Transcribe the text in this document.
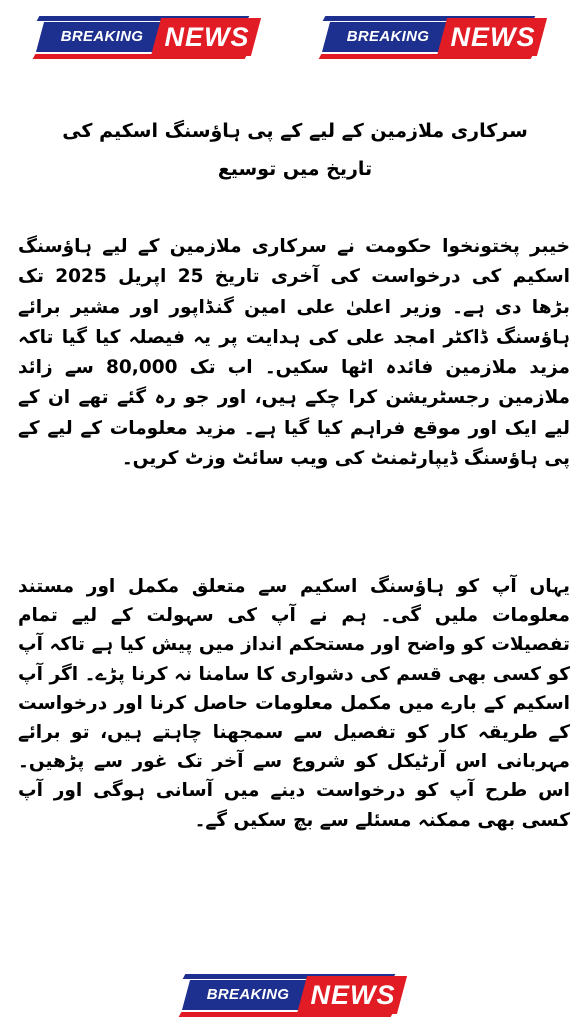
BREAKING NEWS	BREAKING NEWS

سرکاری ملازمین کے لیے کے پی ہاؤسنگ اسکیم کی تاریخ میں توسیع

خیبر پختونخوا حکومت نے سرکاری ملازمین کے لیے ہاؤسنگ اسکیم کی درخواست کی آخری تاریخ 25 اپریل 2025 تک بڑھا دی ہے۔ وزیر اعلیٰ علی امین گنڈاپور اور مشیر برائے ہاؤسنگ ڈاکٹر امجد علی کی ہدایت پر یہ فیصلہ کیا گیا تاکہ مزید ملازمین فائدہ اٹھا سکیں۔ اب تک 80,000 سے زائد ملازمین رجسٹریشن کرا چکے ہیں، اور جو رہ گئے تھے ان کے لیے ایک اور موقع فراہم کیا گیا ہے۔ مزید معلومات کے لیے کے پی ہاؤسنگ ڈیپارٹمنٹ کی ویب سائٹ وزٹ کریں۔

یہاں آپ کو ہاؤسنگ اسکیم سے متعلق مکمل اور مستند معلومات ملیں گی۔ ہم نے آپ کی سہولت کے لیے تمام تفصیلات کو واضح اور مستحکم انداز میں پیش کیا ہے تاکہ آپ کو کسی بھی قسم کی دشواری کا سامنا نہ کرنا پڑے۔ اگر آپ اسکیم کے بارے میں مکمل معلومات حاصل کرنا اور درخواست کے طریقہ کار کو تفصیل سے سمجھنا چاہتے ہیں، تو برائے مہربانی اس آرٹیکل کو شروع سے آخر تک غور سے پڑھیں۔ اس طرح آپ کو درخواست دینے میں آسانی ہوگی اور آپ کسی بھی ممکنہ مسئلے سے بچ سکیں گے۔

BREAKING NEWS
